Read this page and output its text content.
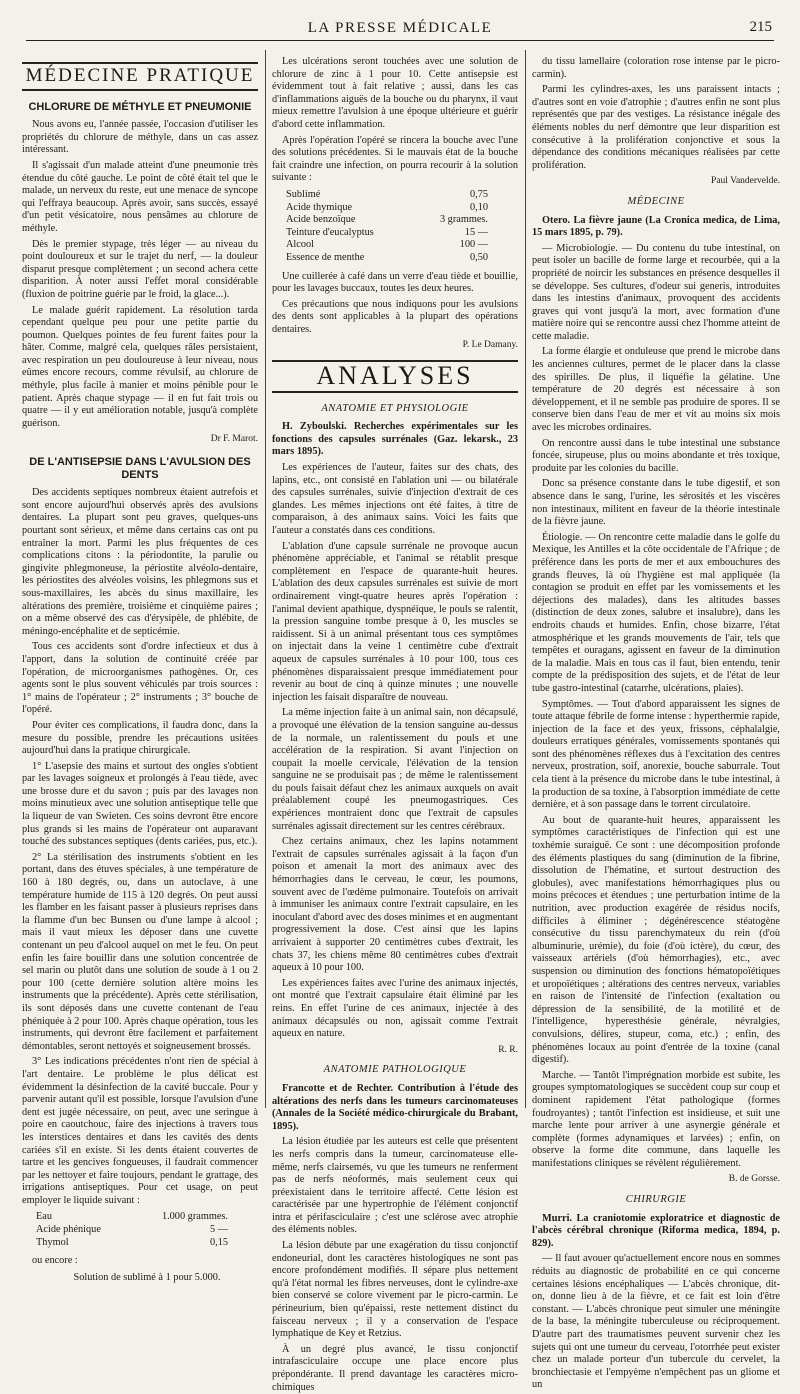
LA PRESSE MÉDICALE	215
MÉDECINE PRATIQUE
CHLORURE DE MÉTHYLE ET PNEUMONIE

Nous avons eu, l'année passée, l'occasion d'utiliser les propriétés du chlorure de méthyle, dans un cas assez intéressant.

Il s'agissait d'un malade atteint d'une pneumonie très étendue du côté gauche. Le point de côté était tel que le malade, un nerveux du reste, eut une menace de syncope qui l'effraya beaucoup. Après avoir, sans succès, essayé d'un petit vésicatoire, nous pensâmes au chlorure de méthyle.

Dès le premier stypage, très léger — au niveau du point douloureux et sur le trajet du nerf, — la douleur disparut presque complètement ; un second achera cette disparition. À noter aussi l'effet moral considérable (fluxion de poitrine guérie par le froid, la glace...).

Le malade guérit rapidement. La résolution tarda cependant quelque peu pour une petite partie du poumon. Quelques pointes de feu furent faites pour la hâter. Comme, malgré cela, quelques râles persistaient, avec respiration un peu douloureuse à leur niveau, nous eûmes encore recours, comme révulsif, au chlorure de méthyle, plus facile à manier et moins pénible pour le patient. Après chaque stypage — il en fut fait trois ou quatre — il y eut amélioration notable, jusqu'à complète guérison.

Dr F. Marot.
DE L'ANTISEPSIE DANS L'AVULSION DES DENTS

Des accidents septiques nombreux étaient autrefois et sont encore aujourd'hui observés après des avulsions dentaires. La plupart sont peu graves, quelques-uns pourtant sont sérieux, et même dans certains cas ont pu entraîner la mort. Parmi les plus fréquentes de ces complications citons : la périodontite, la parulie ou gingivite phlegmoneuse, la périostite alvéolo-dentaire, les périostites des alvéoles voisins, les phlegmons sus et sous-maxillaires, les abcès du sinus maxillaire, les altérations des première, troisième et cinquième paires ; on a même observé des cas d'érysipèle, de phlébite, de méningo-encéphalite et de septicémie.

Tous ces accidents sont d'ordre infectieux et dus à l'apport, dans la solution de continuité créée par l'opération, de microorganismes pathogènes. Or, ces agents sont le plus souvent véhiculés par trois sources : 1° mains de l'opérateur ; 2° instruments ; 3° bouche de l'opéré.

Pour éviter ces complications, il faudra donc, dans la mesure du possible, prendre les précautions usitées aujourd'hui dans la pratique chirurgicale.

1° L'asepsie des mains et surtout des ongles s'obtient par les lavages soigneux et prolongés à l'eau tiède, avec une brosse dure et du savon ; puis par des lavages non moins minutieux avec une solution antiseptique telle que la liqueur de van Swieten. Ces soins devront être encore plus grands si les mains de l'opérateur ont auparavant touché des substances septiques (dents cariées, pus, etc.).

2° La stérilisation des instruments s'obtient en les portant, dans des étuves spéciales, à une température de 160 à 180 degrés, ou, dans un autoclave, à une température humide de 115 à 120 degrés. On peut aussi les flamber en les faisant passer à plusieurs reprises dans la flamme d'un bec Bunsen ou d'une lampe à alcool ; mais il vaut mieux les déposer dans une cuvette contenant un peu d'alcool auquel on met le feu. On peut enfin les faire bouillir dans une solution concentrée de sel marin ou plutôt dans une solution de soude à 1 ou 2 pour 100 (cette dernière solution altère moins les instruments que la précédente). Après cette stérilisation, ils sont déposés dans une cuvette contenant de l'eau phéniquée à 2 pour 100. Après chaque opération, tous les instruments, qui devront être facilement et parfaitement démontables, seront nettoyés et soigneusement brossés.

3° Les indications précédentes n'ont rien de spécial à l'art dentaire. Le problème le plus délicat est évidemment la désinfection de la cavité buccale. Pour y parvenir autant qu'il est possible, lorsque l'avulsion d'une dent est jugée nécessaire, on peut, avec une seringue à poire en caoutchouc, faire des injections à travers tous les interstices dentaires et dans les cavités des dents cariées s'il en existe. Si les dents étaient couvertes de tartre et les gencives fongueuses, il faudrait commencer par les nettoyer et faire toujours, pendant le grattage, des irrigations antiseptiques. Pour cet usage, on peut employer le liquide suivant :

Eau	1.000 grammes.
Acide phénique	5 —
Thymol	0,15

ou encore :

Solution de sublimé à 1 pour 5.000.

Les ulcérations seront touchées avec une solution de chlorure de zinc à 1 pour 10. Cette antisepsie est évidemment tout à fait relative ; aussi, dans les cas d'inflammations aiguës de la bouche ou du pharynx, il vaut mieux remettre l'avulsion à une époque ultérieure et guérir d'abord cette inflammation.

Après l'opération l'opéré se rincera la bouche avec l'une des solutions précédentes. Si le mauvais état de la bouche fait craindre une infection, on pourra recourir à la solution suivante :

Sublimé	0,75
Acide thymique	0,10
Acide benzoïque	3 grammes.
Teinture d'eucalyptus	15 —
Alcool	100 —
Essence de menthe	0,50

Une cuillerée à café dans un verre d'eau tiède et bouillie, pour les lavages buccaux, toutes les deux heures.

Ces précautions que nous indiquons pour les avulsions des dents sont applicables à la plupart des opérations dentaires.

P. Le Damany.
ANALYSES
ANATOMIE ET PHYSIOLOGIE

H. Zyboulski. Recherches expérimentales sur les fonctions des capsules surrénales (Gaz. lekarsk., 23 mars 1895).

Les expériences de l'auteur, faites sur des chats, des lapins, etc., ont consisté en l'ablation uni — ou bilatérale des capsules surrénales, suivie d'injection d'extrait de ces glandes. Les mêmes injections ont été faites, à titre de comparaison, à des animaux sains. Voici les faits que l'auteur a constatés dans ces conditions.

L'ablation d'une capsule surrénale ne provoque aucun phénomène appréciable, et l'animal se rétablit presque complètement en l'espace de quarante-huit heures. L'ablation des deux capsules surrénales est suivie de mort ordinairement vingt-quatre heures après l'opération : l'animal devient apathique, dyspnéique, le pouls se ralentit, la pression sanguine tombe presque à 0, les muscles se raidissent. Si à un animal présentant tous ces symptômes on injectait dans la veine 1 centimètre cube d'extrait aqueux de capsules surrénales à 10 pour 100, tous ces phénomènes disparaissaient presque immédiatement pour revenir au bout de cinq à quinze minutes ; une nouvelle injection les faisait disparaître de nouveau.

La même injection faite à un animal sain, non décapsulé, a provoqué une élévation de la tension sanguine au-dessus de la normale, un ralentissement du pouls et une accélération de la respiration. Si avant l'injection on coupait la moelle cervicale, l'élévation de la tension sanguine ne se produisait pas ; de même le ralentissement du pouls faisait défaut chez les animaux auxquels on avait préalablement coupé les pneumogastriques. Ces expériences montraient donc que l'extrait de capsules surrénales agissait directement sur les centres cérébraux.

Chez certains animaux, chez les lapins notamment l'extrait de capsules surrénales agissait à la façon d'un poison et amenait la mort des animaux avec des hémorrhagies dans le cerveau, le cœur, les poumons, souvent avec de l'œdème pulmonaire. Toutefois on arrivait à immuniser les animaux contre l'extrait capsulaire, en les inoculant d'abord avec des doses minimes et en augmentant progressivement la dose. C'est ainsi que les lapins arrivaient à supporter 20 centimètres cubes d'extrait, les chats 37, les chiens même 80 centimètres cubes d'extrait aqueux à 10 pour 100.

Les expériences faites avec l'urine des animaux injectés, ont montré que l'extrait capsulaire était éliminé par les reins. En effet l'urine de ces animaux, injectée à des animaux décapsulés ou non, agissait comme l'extrait aqueux en nature.

R. R.
ANATOMIE PATHOLOGIQUE

Francotte et de Rechter. Contribution à l'étude des altérations des nerfs dans les tumeurs carcinomateuses (Annales de la Société médico-chirurgicale du Brabant, 1895).

La lésion étudiée par les auteurs est celle que présentent les nerfs compris dans la tumeur, carcinomateuse elle-même, nerfs clairsemés, vu que les tumeurs ne renferment pas de nerfs néoformés, mais seulement ceux qui préexistaient dans le territoire affecté. Cette lésion est caractérisée par une hypertrophie de l'élément conjonctif intra et périfasciculaire ; c'est une sclérose avec atrophie des éléments nobles.

La lésion débute par une exagération du tissu conjonctif endoneurial, dont les caractères histologiques ne sont pas encore profondément modifiés. Il sépare plus nettement qu'à l'état normal les fibres nerveuses, dont le cylindre-axe bien conservé se colore vivement par le picro-carmin. Le périneurium, bien qu'épaissi, reste nettement distinct du faisceau nerveux ; il y a conservation de l'espace lymphatique de Key et Retzius.

À un degré plus avancé, le tissu conjonctif intrafasciculaire occupe une place encore plus prépondérante. Il prend davantage les caractères micro-chimiques

du tissu lamellaire (coloration rose intense par le picro-carmin).

Parmi les cylindres-axes, les uns paraissent intacts ; d'autres sont en voie d'atrophie ; d'autres enfin ne sont plus représentés que par des vestiges. La résistance inégale des éléments nobles du nerf démontre que leur disparition est consécutive à la prolifération conjonctive et sous la dépendance des conditions mécaniques réalisées par cette prolifération.

Paul Vandervelde.
MÉDECINE

Otero. La fièvre jaune (La Cronica medica, de Lima, 15 mars 1895, p. 79).

— Microbiologie. — Du contenu du tube intestinal, on peut isoler un bacille de forme large et recourbée, qui a la propriété de noircir les substances en présence desquelles il se développe. Ses cultures, d'odeur sui generis, introduites dans les intestins d'animaux, provoquent des accidents graves qui vont jusqu'à la mort, avec formation d'une matière noire qui se rencontre aussi chez l'homme atteint de cette maladie.

La forme élargie et onduleuse que prend le microbe dans les anciennes cultures, permet de le placer dans la classe des spirilles. De plus, il liquéfie la gélatine. Une température de 20 degrés est nécessaire à son développement, et il ne semble pas produire de spores. Il se conserve bien dans l'eau de mer et vit au moins six mois avec les microbes ordinaires.

On rencontre aussi dans le tube intestinal une substance foncée, sirupeuse, plus ou moins abondante et très toxique, produite par les colonies du bacille.

Donc sa présence constante dans le tube digestif, et son absence dans le sang, l'urine, les sérosités et les viscères non intestinaux, militent en faveur de la théorie intestinale de la fièvre jaune.

Étiologie. — On rencontre cette maladie dans le golfe du Mexique, les Antilles et la côte occidentale de l'Afrique ; de préférence dans les ports de mer et aux embouchures des grands fleuves, là où l'hygiène est mal appliquée (la contagion se produit en effet par les vomissements et les déjections des malades), dans les altitudes basses (distinction de deux zones, salubre et insalubre), dans les endroits chauds et humides. Enfin, chose bizarre, l'état atmosphérique et les grands mouvements de l'air, tels que tempêtes et ouragans, agissent en faveur de la diminution de la maladie. Mais en tous cas il faut, bien entendu, tenir compte de la prédisposition des sujets, et de l'état de leur tube gastro-intestinal (catarrhe, ulcérations, plaies).

Symptômes. — Tout d'abord apparaissent les signes de toute attaque fébrile de forme intense : hyperthermie rapide, injection de la face et des yeux, frissons, céphalalgie, douleurs erratiques générales, vomissements spontanés qui sont des phénomènes réflexes dus à l'excitation des centres nerveux, prostration, soif, anorexie, bouche saburrale. Tout cela tient à la présence du microbe dans le tube intestinal, à la production de sa toxine, à l'absorption immédiate de cette dernière, et à son passage dans le torrent circulatoire.

Au bout de quarante-huit heures, apparaissent les symptômes caractéristiques de l'infection qui est une toxhémie suraiguë. Ce sont : une décomposition profonde des éléments plastiques du sang (diminution de la fibrine, dissolution de l'hématine, et surtout destruction des globules), avec manifestations hémorrhagiques plus ou moins précoces et étendues ; une perturbation intime de la nutrition, avec production exagérée de résidus nocifs, difficiles à éliminer ; dégénérescence stéatogène consécutive du tissu parenchymateux du rein (d'où albuminurie, urémie), du foie (d'où ictère), du cœur, des vaisseaux artériels (d'où hémorrhagies), etc., avec suspension ou diminution des fonctions hématopoïétiques et uropoïétiques ; altérations des centres nerveux, variables en raison de l'intensité de l'infection (exaltation ou dépression de la sensibilité, de la motilité et de l'intelligence, hyperesthésie générale, névralgies, convulsions, délires, stupeur, coma, etc.) ; enfin, des phénomènes locaux au point d'entrée de la toxine (canal digestif).

Marche. — Tantôt l'imprégnation morbide est subite, les groupes symptomatologiques se succèdent coup sur coup et dominent rapidement l'état pathologique (formes foudroyantes) ; tantôt l'infection est insidieuse, et suit une marche lente pour arriver à une asynergie générale et complète (formes adynamiques et larvées) ; enfin, on observe la forme dite commune, dans laquelle les manifestations cliniques se révèlent régulièrement.

B. de Gorsse.
CHIRURGIE

Murri. La craniotomie exploratrice et diagnostic de l'abcès cérébral chronique (Riforma medica, 1894, p. 829).

— Il faut avouer qu'actuellement encore nous en sommes réduits au diagnostic de probabilité en ce qui concerne certaines lésions encéphaliques — L'abcès chronique, dit-on, donne lieu à de la fièvre, et ce fait est loin d'être constant. — L'abcès chronique peut simuler une méningite de la base, la méningite tuberculeuse ou réciproquement. D'autre part des traumatismes peuvent survenir chez les sujets qui ont une tumeur du cerveau, l'otorrhée peut exister chez un malade porteur d'un tubercule du cervelet, la bronchiectasie et l'empyème n'empêchent pas un gliome et un
